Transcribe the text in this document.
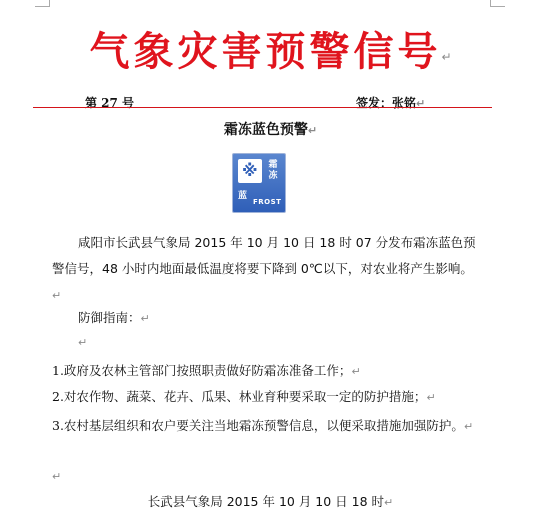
气象灾害预警信号↵
第 27 号	签发：张铭↵
霜冻蓝色预警↵
※ 霜冻
蓝
FROST
咸阳市长武县气象局 2015 年 10 月 10 日 18 时 07 分发布霜冻蓝色预警信号，48 小时内地面最低温度将要下降到 0℃以下，对农业将产生影响。↵
防御指南：↵
↵
1.政府及农林主管部门按照职责做好防霜冻准备工作；↵
2.对农作物、蔬菜、花卉、瓜果、林业育种要采取一定的防护措施；↵
3.农村基层组织和农户要关注当地霜冻预警信息，以便采取措施加强防护。↵
↵
长武县气象局 2015 年 10 月 10 日 18 时↵
